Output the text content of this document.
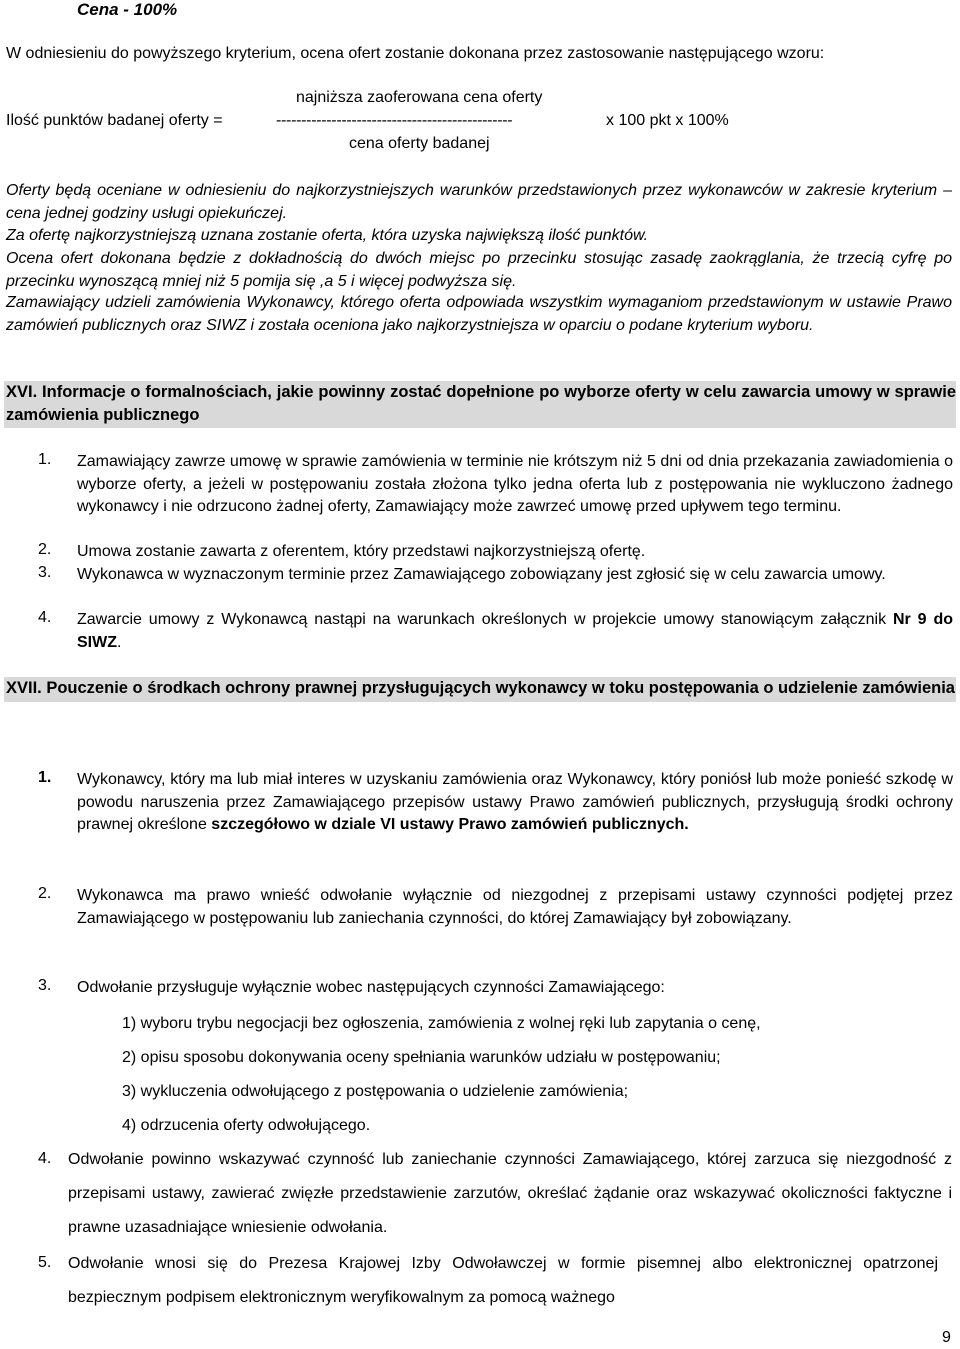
Cena - 100%
W odniesieniu do powyższego kryterium, ocena ofert zostanie dokonana przez zastosowanie następującego wzoru:
najniższa zaoferowana cena oferty
Ilość punktów badanej oferty =	-----------------------------------------------	x 100 pkt x 100%
cena oferty badanej
Oferty będą oceniane w odniesieniu do najkorzystniejszych warunków przedstawionych przez wykonawców w zakresie kryterium – cena jednej godziny usługi opiekuńczej.
Za ofertę najkorzystniejszą uznana zostanie oferta, która uzyska największą ilość punktów.
Ocena ofert dokonana będzie z dokładnością do dwóch miejsc po przecinku stosując zasadę zaokrąglania, że trzecią cyfrę po przecinku wynoszącą mniej niż 5 pomija się ,a 5 i więcej podwyższa się.
Zamawiający udzieli zamówienia Wykonawcy, którego oferta odpowiada wszystkim wymaganiom przedstawionym w ustawie Prawo zamówień publicznych oraz SIWZ i została oceniona jako najkorzystniejsza w oparciu o podane kryterium wyboru.
XVI. Informacje o formalnościach, jakie powinny zostać dopełnione po wyborze oferty w celu zawarcia umowy w sprawie zamówienia publicznego
1. Zamawiający zawrze umowę w sprawie zamówienia w terminie nie krótszym niż 5 dni od dnia przekazania zawiadomienia o wyborze oferty, a jeżeli w postępowaniu została złożona tylko jedna oferta lub z postępowania nie wykluczono żadnego wykonawcy i nie odrzucono żadnej oferty, Zamawiający może zawrzeć umowę przed upływem tego terminu.
2. Umowa zostanie zawarta z oferentem, który przedstawi najkorzystniejszą ofertę.
3. Wykonawca w wyznaczonym terminie przez Zamawiającego zobowiązany jest zgłosić się w celu zawarcia umowy.
4. Zawarcie umowy z Wykonawcą nastąpi na warunkach określonych w projekcie umowy stanowiącym załącznik Nr 9 do SIWZ.
XVII. Pouczenie o środkach ochrony prawnej przysługujących wykonawcy w toku postępowania o udzielenie zamówienia
1. Wykonawcy, który ma lub miał interes w uzyskaniu zamówienia oraz Wykonawcy, który poniósł lub może ponieść szkodę w powodu naruszenia przez Zamawiającego przepisów ustawy Prawo zamówień publicznych, przysługują środki ochrony prawnej określone szczegółowo w dziale VI ustawy Prawo zamówień publicznych.
2. Wykonawca ma prawo wnieść odwołanie wyłącznie od niezgodnej z przepisami ustawy czynności podjętej przez Zamawiającego w postępowaniu lub zaniechania czynności, do której Zamawiający był zobowiązany.
3. Odwołanie przysługuje wyłącznie wobec następujących czynności Zamawiającego:
1) wyboru trybu negocjacji bez ogłoszenia, zamówienia z wolnej ręki lub zapytania o cenę,
2) opisu sposobu dokonywania oceny spełniania warunków udziału w postępowaniu;
3) wykluczenia odwołującego z postępowania o udzielenie zamówienia;
4) odrzucenia oferty odwołującego.
4. Odwołanie powinno wskazywać czynność lub zaniechanie czynności Zamawiającego, której zarzuca się niezgodność z przepisami ustawy, zawierać zwięzłe przedstawienie zarzutów, określać żądanie oraz wskazywać okoliczności faktyczne i prawne uzasadniające wniesienie odwołania.
5. Odwołanie wnosi się do Prezesa Krajowej Izby Odwoławczej w formie pisemnej albo elektronicznej opatrzonej bezpiecznym podpisem elektronicznym weryfikowalnym za pomocą ważnego
9
